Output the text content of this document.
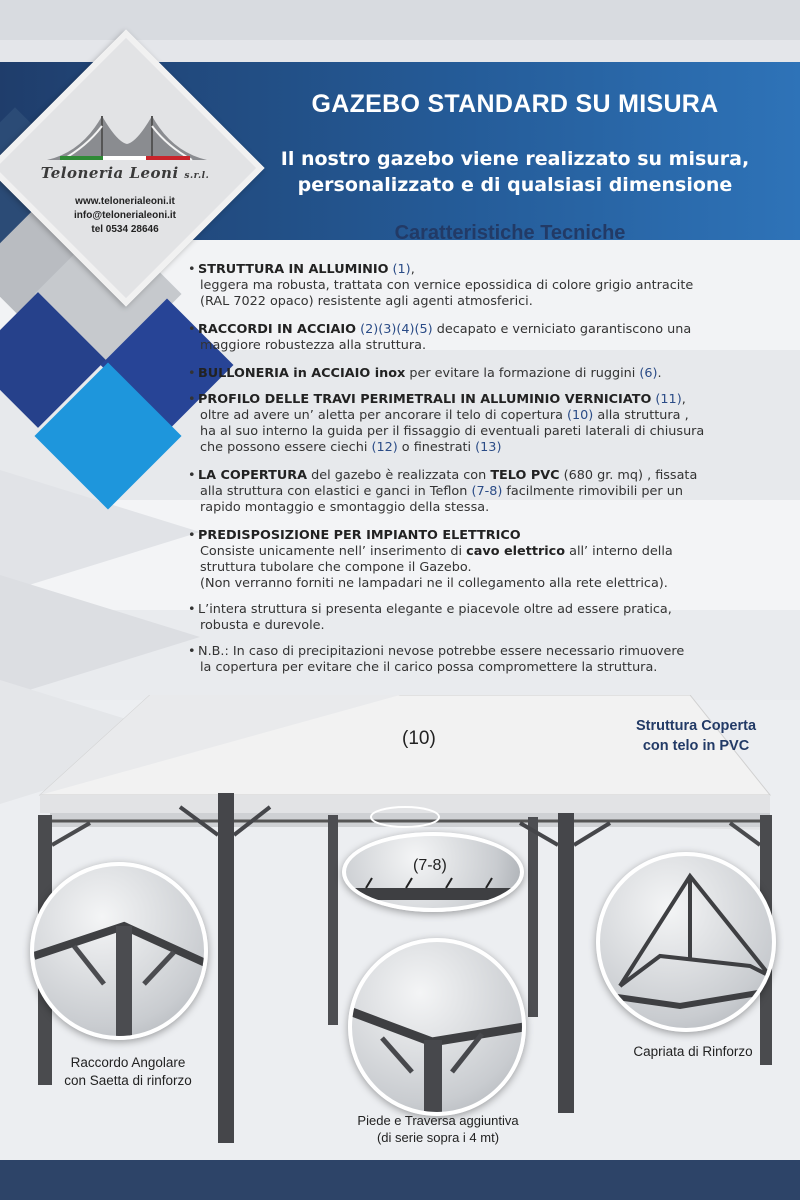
Teloneria Leoni s.r.l.
www.telonerialeoni.it
info@telonerialeoni.it
tel 0534 28646
GAZEBO STANDARD SU MISURA
Il nostro gazebo viene realizzato su misura,
personalizzato e di qualsiasi dimensione
Caratteristiche Tecniche

• STRUTTURA IN ALLUMINIO (1),

leggera ma robusta, trattata con vernice epossidica di colore grigio antracite

(RAL 7022 opaco) resistente agli agenti atmosferici.

• RACCORDI IN ACCIAIO (2)(3)(4)(5) decapato e verniciato garantiscono una

maggiore robustezza alla struttura.

• BULLONERIA in ACCIAIO inox per evitare la formazione di ruggini (6).

• PROFILO DELLE TRAVI PERIMETRALI IN ALLUMINIO VERNICIATO (11),

oltre ad avere un’ aletta per ancorare il telo di copertura (10) alla struttura ,

ha al suo interno la guida per il fissaggio di eventuali pareti laterali di chiusura

che possono essere ciechi (12) o finestrati (13)

• LA COPERTURA del gazebo è realizzata con TELO PVC (680 gr. mq) , fissata

alla struttura con elastici e ganci in Teflon (7-8) facilmente rimovibili per un

rapido montaggio e smontaggio della stessa.

• PREDISPOSIZIONE PER IMPIANTO ELETTRICO

Consiste unicamente nell’ inserimento di cavo elettrico all’ interno della

struttura tubolare che compone il Gazebo.

(Non verranno forniti ne lampadari ne il collegamento alla rete elettrica).

• L’intera struttura si presenta elegante e piacevole oltre ad essere pratica,

robusta e durevole.

• N.B.: In caso di precipitazioni nevose potrebbe essere necessario rimuovere

la copertura per evitare che il carico possa compromettere la struttura.

(10)
(7-8)
Struttura Coperta
con telo in PVC
Raccordo Angolare
con Saetta di rinforzo
Piede e Traversa aggiuntiva
(di serie sopra i 4 mt)
Capriata di Rinforzo
